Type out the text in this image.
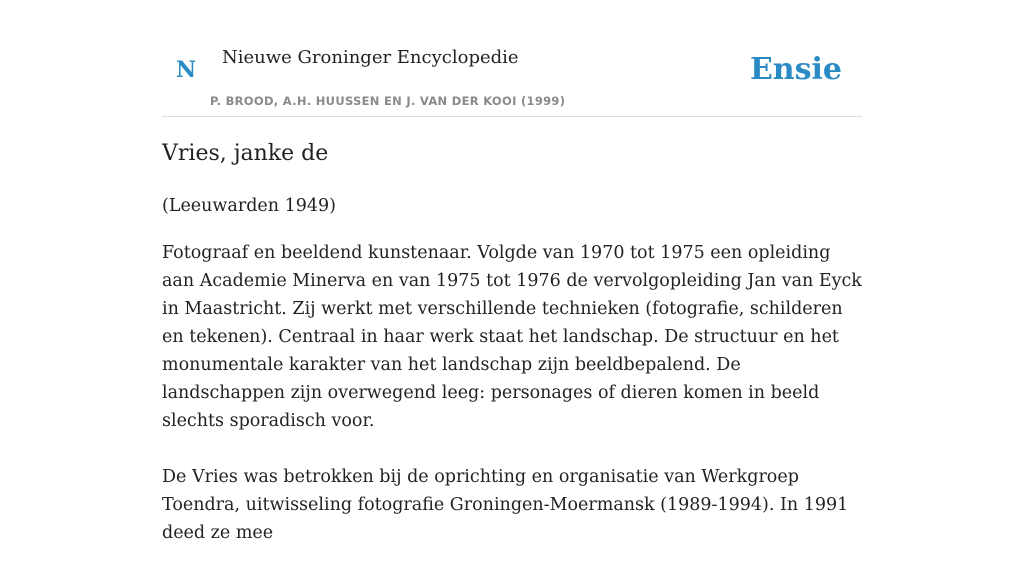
N Nieuwe Groninger Encyclopedie
P. BROOD, A.H. HUUSSEN EN J. VAN DER KOOI (1999)
Ensie
Vries, janke de
(Leeuwarden 1949)

Fotograaf en beeldend kunstenaar. Volgde van 1970 tot 1975 een opleiding aan Academie Minerva en van 1975 tot 1976 de vervolgopleiding Jan van Eyck in Maastricht. Zij werkt met verschillende technieken (fotografie, schilderen en tekenen). Centraal in haar werk staat het landschap. De structuur en het monumentale karakter van het landschap zijn beeldbepalend. De landschappen zijn overwegend leeg: personages of dieren komen in beeld slechts sporadisch voor.

De Vries was betrokken bij de oprichting en organisatie van Werkgroep Toendra, uitwisseling fotografie Groningen-Moermansk (1989-1994). In 1991 deed ze mee
